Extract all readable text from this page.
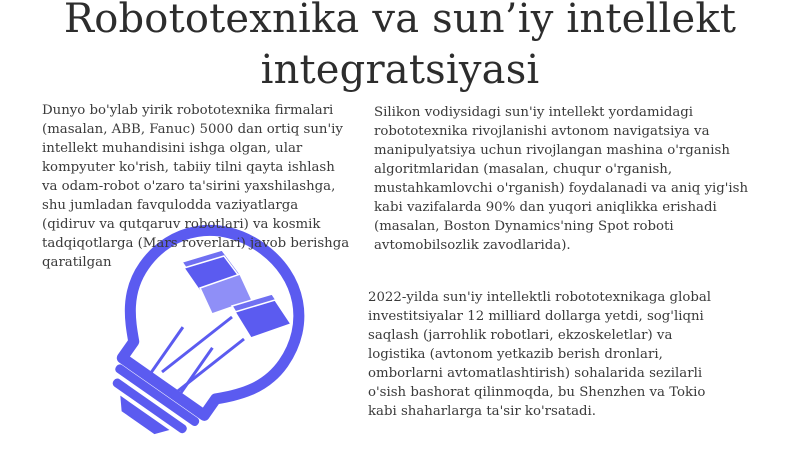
Robototexnika va sun’iy intellekt integratsiyasi

Dunyo bo'ylab yirik robototexnika firmalari (masalan, ABB, Fanuc) 5000 dan ortiq sun'iy intellekt muhandisini ishga olgan, ular kompyuter ko'rish, tabiiy tilni qayta ishlash va odam-robot o'zaro ta'sirini yaxshilashga, shu jumladan favqulodda vaziyatlarga (qidiruv va qutqaruv robotlari) va kosmik tadqiqotlarga (Mars roverlari) javob berishga qaratilgan

Silikon vodiysidagi sun'iy intellekt yordamidagi robototexnika rivojlanishi avtonom navigatsiya va manipulyatsiya uchun rivojlangan mashina o'rganish algoritmlaridan (masalan, chuqur o'rganish, mustahkamlovchi o'rganish) foydalanadi va aniq yig'ish kabi vazifalarda 90% dan yuqori aniqlikka erishadi (masalan, Boston Dynamics'ning Spot roboti avtomobilsozlik zavodlarida).

2022-yilda sun'iy intellektli robototexnikaga global investitsiyalar 12 milliard dollarga yetdi, sog'liqni saqlash (jarrohlik robotlari, ekzoskeletlar) va logistika (avtonom yetkazib berish dronlari, omborlarni avtomatlashtirish) sohalarida sezilarli o'sish bashorat qilinmoqda, bu Shenzhen va Tokio kabi shaharlarga ta'sir ko'rsatadi.
